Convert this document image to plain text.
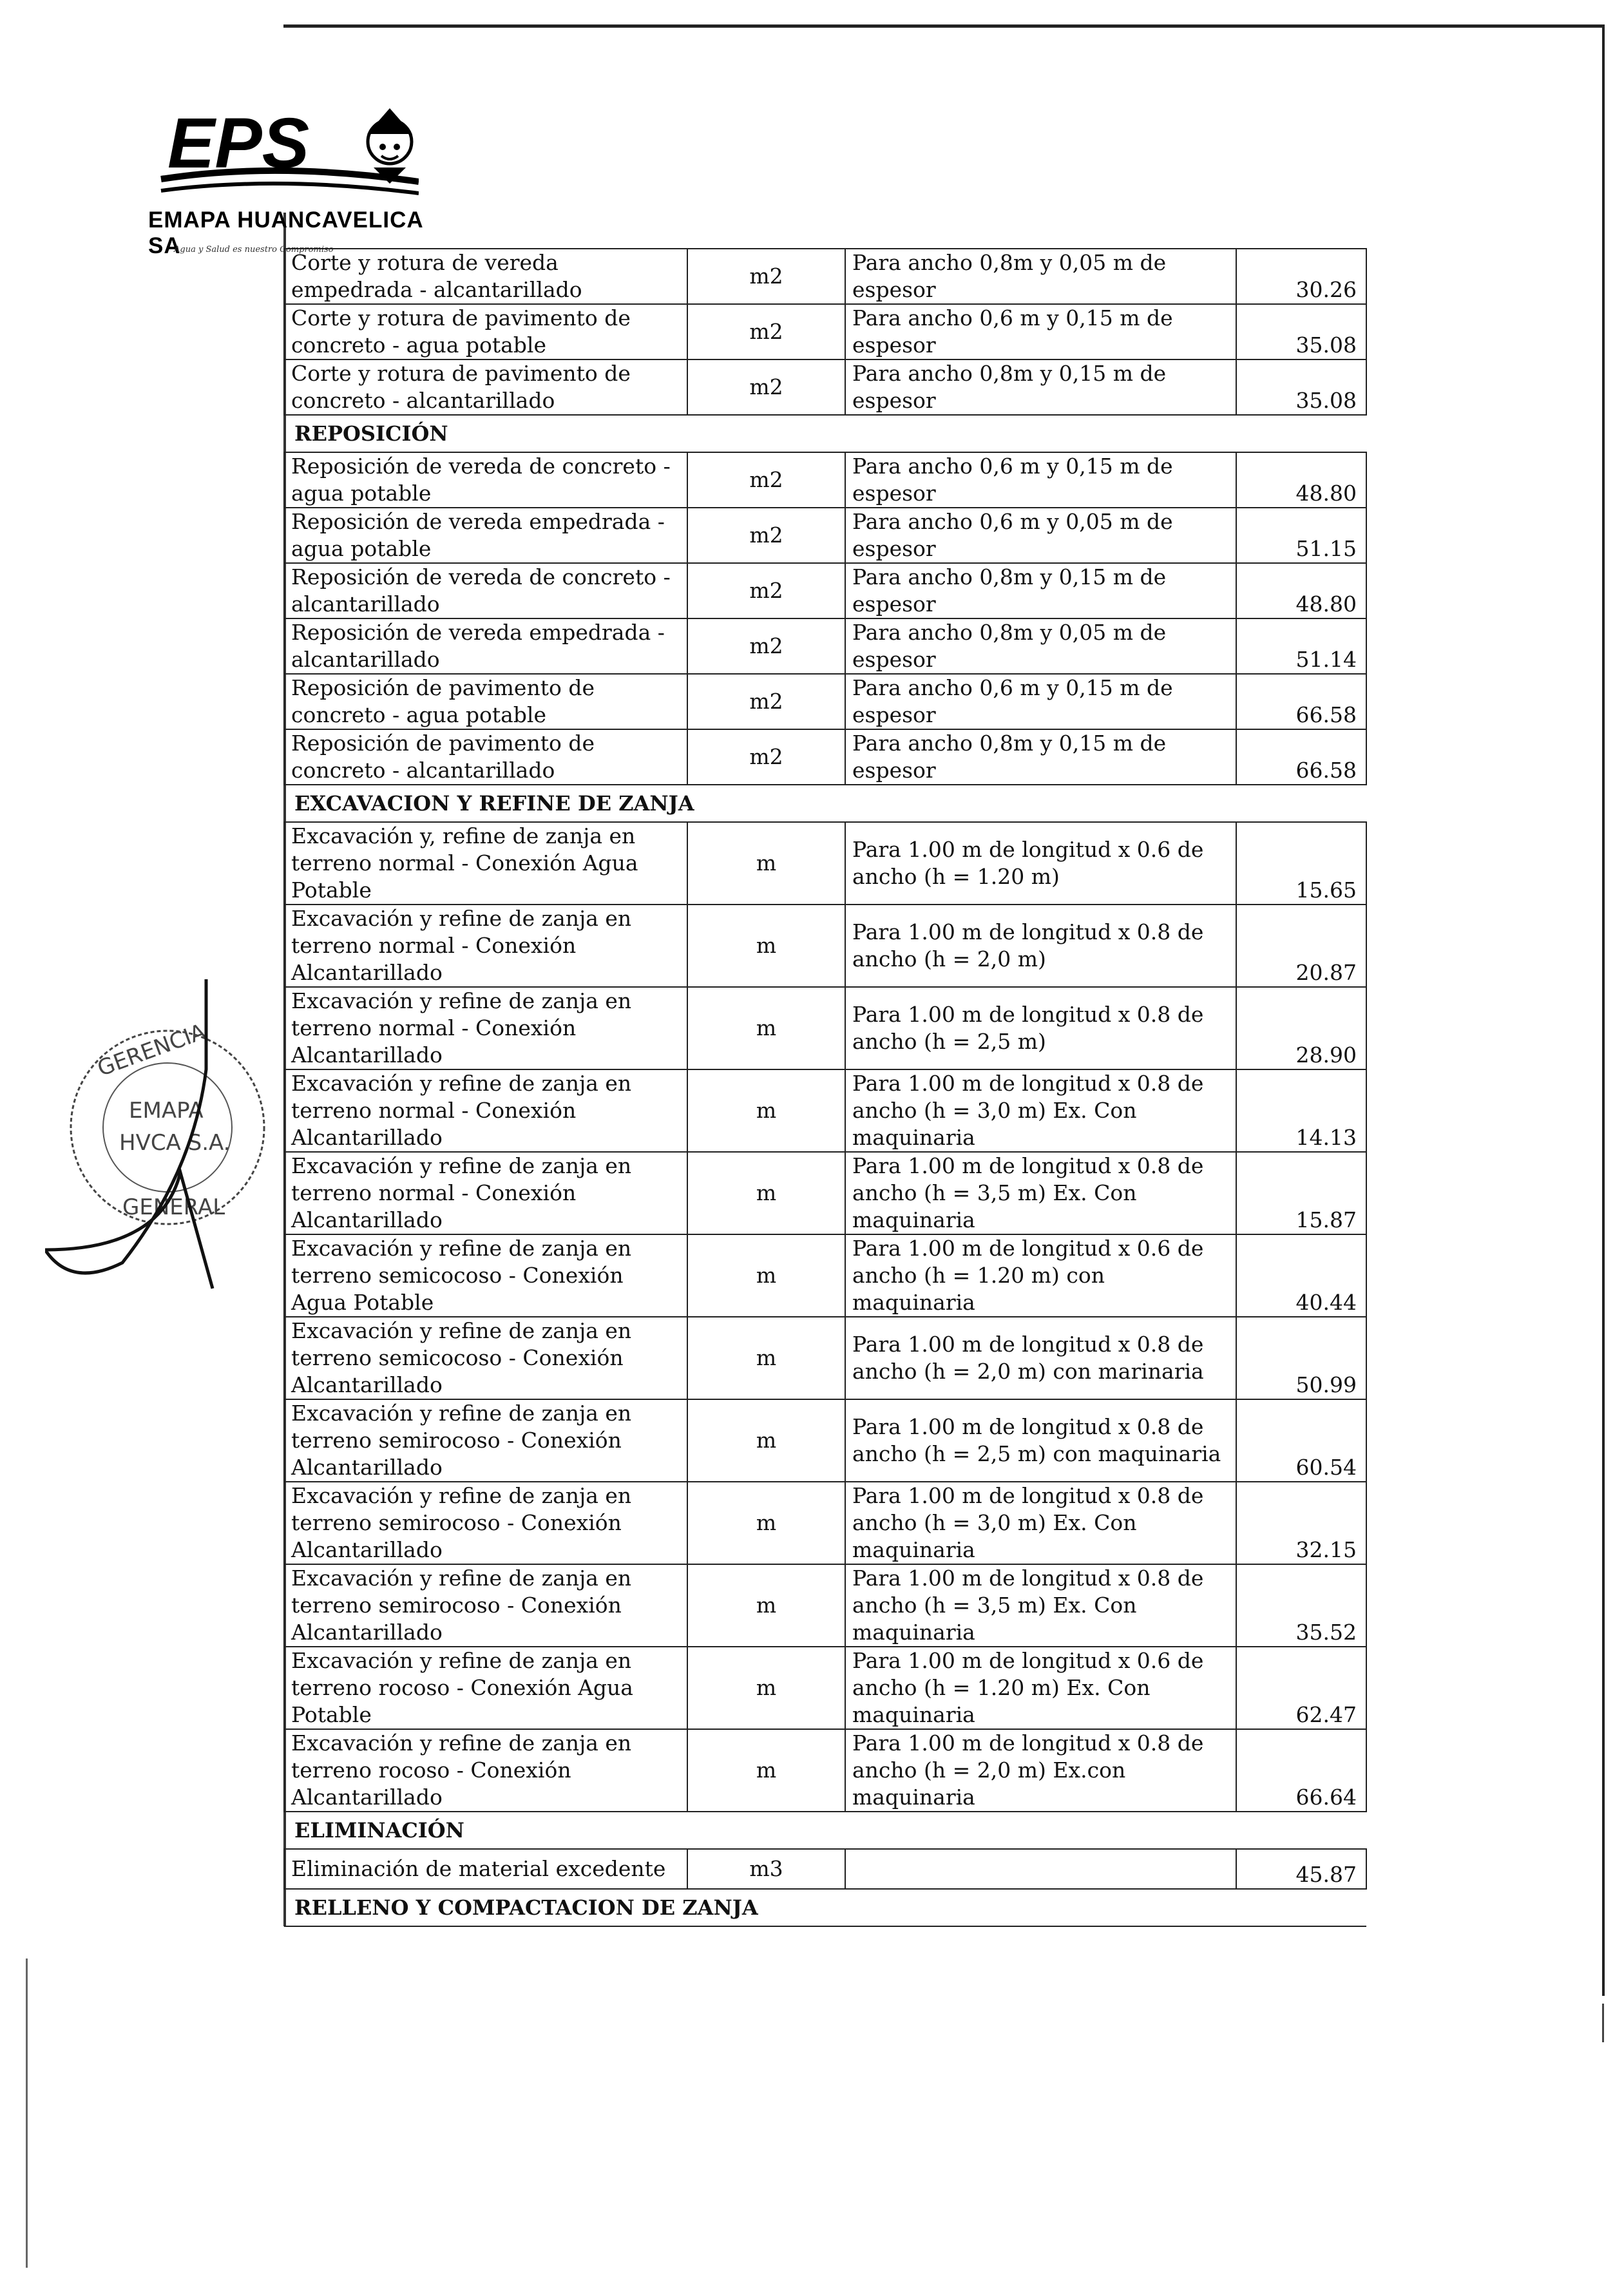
EPS
EMAPA HUANCAVELICA SA
Agua y Salud es nuestro Compromiso
GERENCIA
EMAPA
HVCA S.A.
GENERAL
Corte y rotura de vereda empedrada - alcantarillado	m2	Para ancho 0,8m y 0,05 m de espesor	30.26
Corte y rotura de pavimento de concreto - agua potable	m2	Para ancho 0,6 m y 0,15 m de espesor	35.08
Corte y rotura de pavimento de concreto - alcantarillado	m2	Para ancho 0,8m y 0,15 m de espesor	35.08
REPOSICIÓN			
Reposición de vereda de concreto - agua potable	m2	Para ancho 0,6 m y 0,15 m de espesor	48.80
Reposición de vereda empedrada - agua potable	m2	Para ancho 0,6 m y 0,05 m de espesor	51.15
Reposición de vereda de concreto - alcantarillado	m2	Para ancho 0,8m y 0,15 m de espesor	48.80
Reposición de vereda empedrada - alcantarillado	m2	Para ancho 0,8m y 0,05 m de espesor	51.14
Reposición de pavimento de concreto - agua potable	m2	Para ancho 0,6 m y 0,15 m de espesor	66.58
Reposición de pavimento de concreto - alcantarillado	m2	Para ancho 0,8m y 0,15 m de espesor	66.58
EXCAVACION Y REFINE DE ZANJA			
Excavación y, refine de zanja en terreno normal - Conexión Agua Potable	m	Para 1.00 m de longitud x 0.6 de ancho (h = 1.20 m)	15.65
Excavación y refine de zanja en terreno normal - Conexión Alcantarillado	m	Para 1.00 m de longitud x 0.8 de ancho (h = 2,0 m)	20.87
Excavación y refine de zanja en terreno normal - Conexión Alcantarillado	m	Para 1.00 m de longitud x 0.8 de ancho (h = 2,5 m)	28.90
Excavación y refine de zanja en terreno normal - Conexión Alcantarillado	m	Para 1.00 m de longitud x 0.8 de ancho (h = 3,0 m) Ex. Con maquinaria	14.13
Excavación y refine de zanja en terreno normal - Conexión Alcantarillado	m	Para 1.00 m de longitud x 0.8 de ancho (h = 3,5 m) Ex. Con maquinaria	15.87
Excavación y refine de zanja en terreno semicocoso - Conexión Agua Potable	m	Para 1.00 m de longitud x 0.6 de ancho (h = 1.20 m) con maquinaria	40.44
Excavación y refine de zanja en terreno semicocoso - Conexión Alcantarillado	m	Para 1.00 m de longitud x 0.8 de ancho (h = 2,0 m) con marinaria	50.99
Excavación y refine de zanja en terreno semirocoso - Conexión Alcantarillado	m	Para 1.00 m de longitud x 0.8 de ancho (h = 2,5 m) con maquinaria	60.54
Excavación y refine de zanja en terreno semirocoso - Conexión Alcantarillado	m	Para 1.00 m de longitud x 0.8 de ancho (h = 3,0 m) Ex. Con maquinaria	32.15
Excavación y refine de zanja en terreno semirocoso - Conexión Alcantarillado	m	Para 1.00 m de longitud x 0.8 de ancho (h = 3,5 m) Ex. Con maquinaria	35.52
Excavación y refine de zanja en terreno rocoso - Conexión Agua Potable	m	Para 1.00 m de longitud x 0.6 de ancho (h = 1.20 m) Ex. Con maquinaria	62.47
Excavación y refine de zanja en terreno rocoso - Conexión Alcantarillado	m	Para 1.00 m de longitud x 0.8 de ancho (h = 2,0 m) Ex.con maquinaria	66.64
ELIMINACIÓN			
Eliminación de material excedente	m3		45.87
RELLENO Y COMPACTACION DE ZANJA			
